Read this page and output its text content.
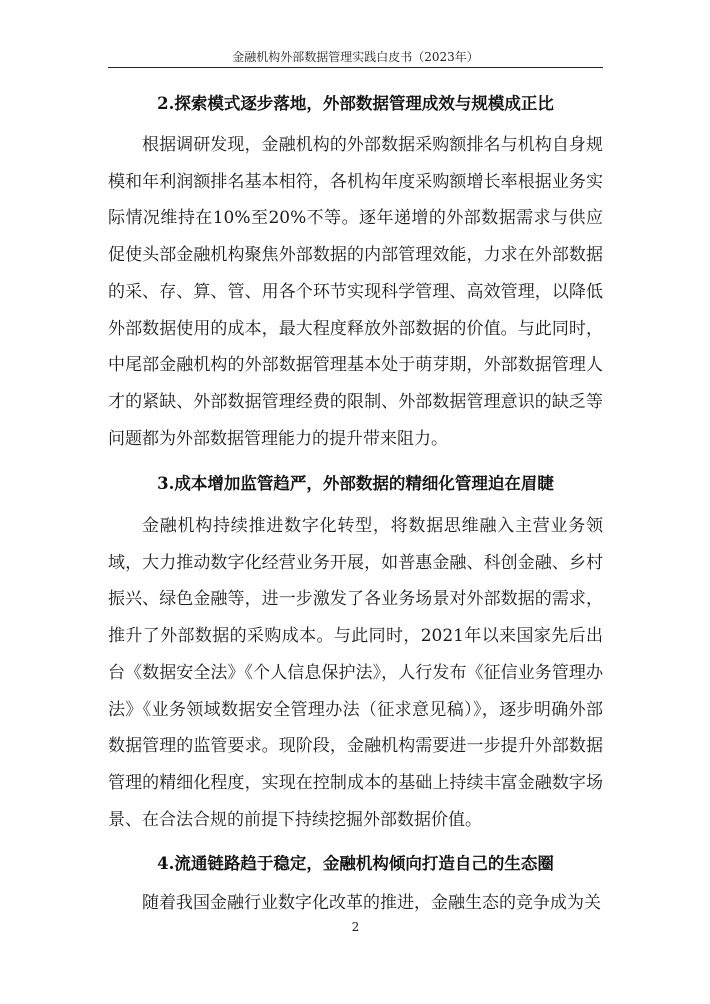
金融机构外部数据管理实践白皮书（2023年）
2.探索模式逐步落地，外部数据管理成效与规模成正比

根据调研发现，金融机构的外部数据采购额排名与机构自身规模和年利润额排名基本相符，各机构年度采购额增长率根据业务实际情况维持在10%至20%不等。逐年递增的外部数据需求与供应促使头部金融机构聚焦外部数据的内部管理效能，力求在外部数据的采、存、算、管、用各个环节实现科学管理、高效管理，以降低外部数据使用的成本，最大程度释放外部数据的价值。与此同时，中尾部金融机构的外部数据管理基本处于萌芽期，外部数据管理人才的紧缺、外部数据管理经费的限制、外部数据管理意识的缺乏等问题都为外部数据管理能力的提升带来阻力。

3.成本增加监管趋严，外部数据的精细化管理迫在眉睫

金融机构持续推进数字化转型，将数据思维融入主营业务领域，大力推动数字化经营业务开展，如普惠金融、科创金融、乡村振兴、绿色金融等，进一步激发了各业务场景对外部数据的需求，推升了外部数据的采购成本。与此同时，2021年以来国家先后出台《数据安全法》《个人信息保护法》，人行发布《征信业务管理办法》《业务领域数据安全管理办法（征求意见稿）》，逐步明确外部数据管理的监管要求。现阶段，金融机构需要进一步提升外部数据管理的精细化程度，实现在控制成本的基础上持续丰富金融数字场景、在合法合规的前提下持续挖掘外部数据价值。

4.流通链路趋于稳定，金融机构倾向打造自己的生态圈

随着我国金融行业数字化改革的推进，金融生态的竞争成为关

2
